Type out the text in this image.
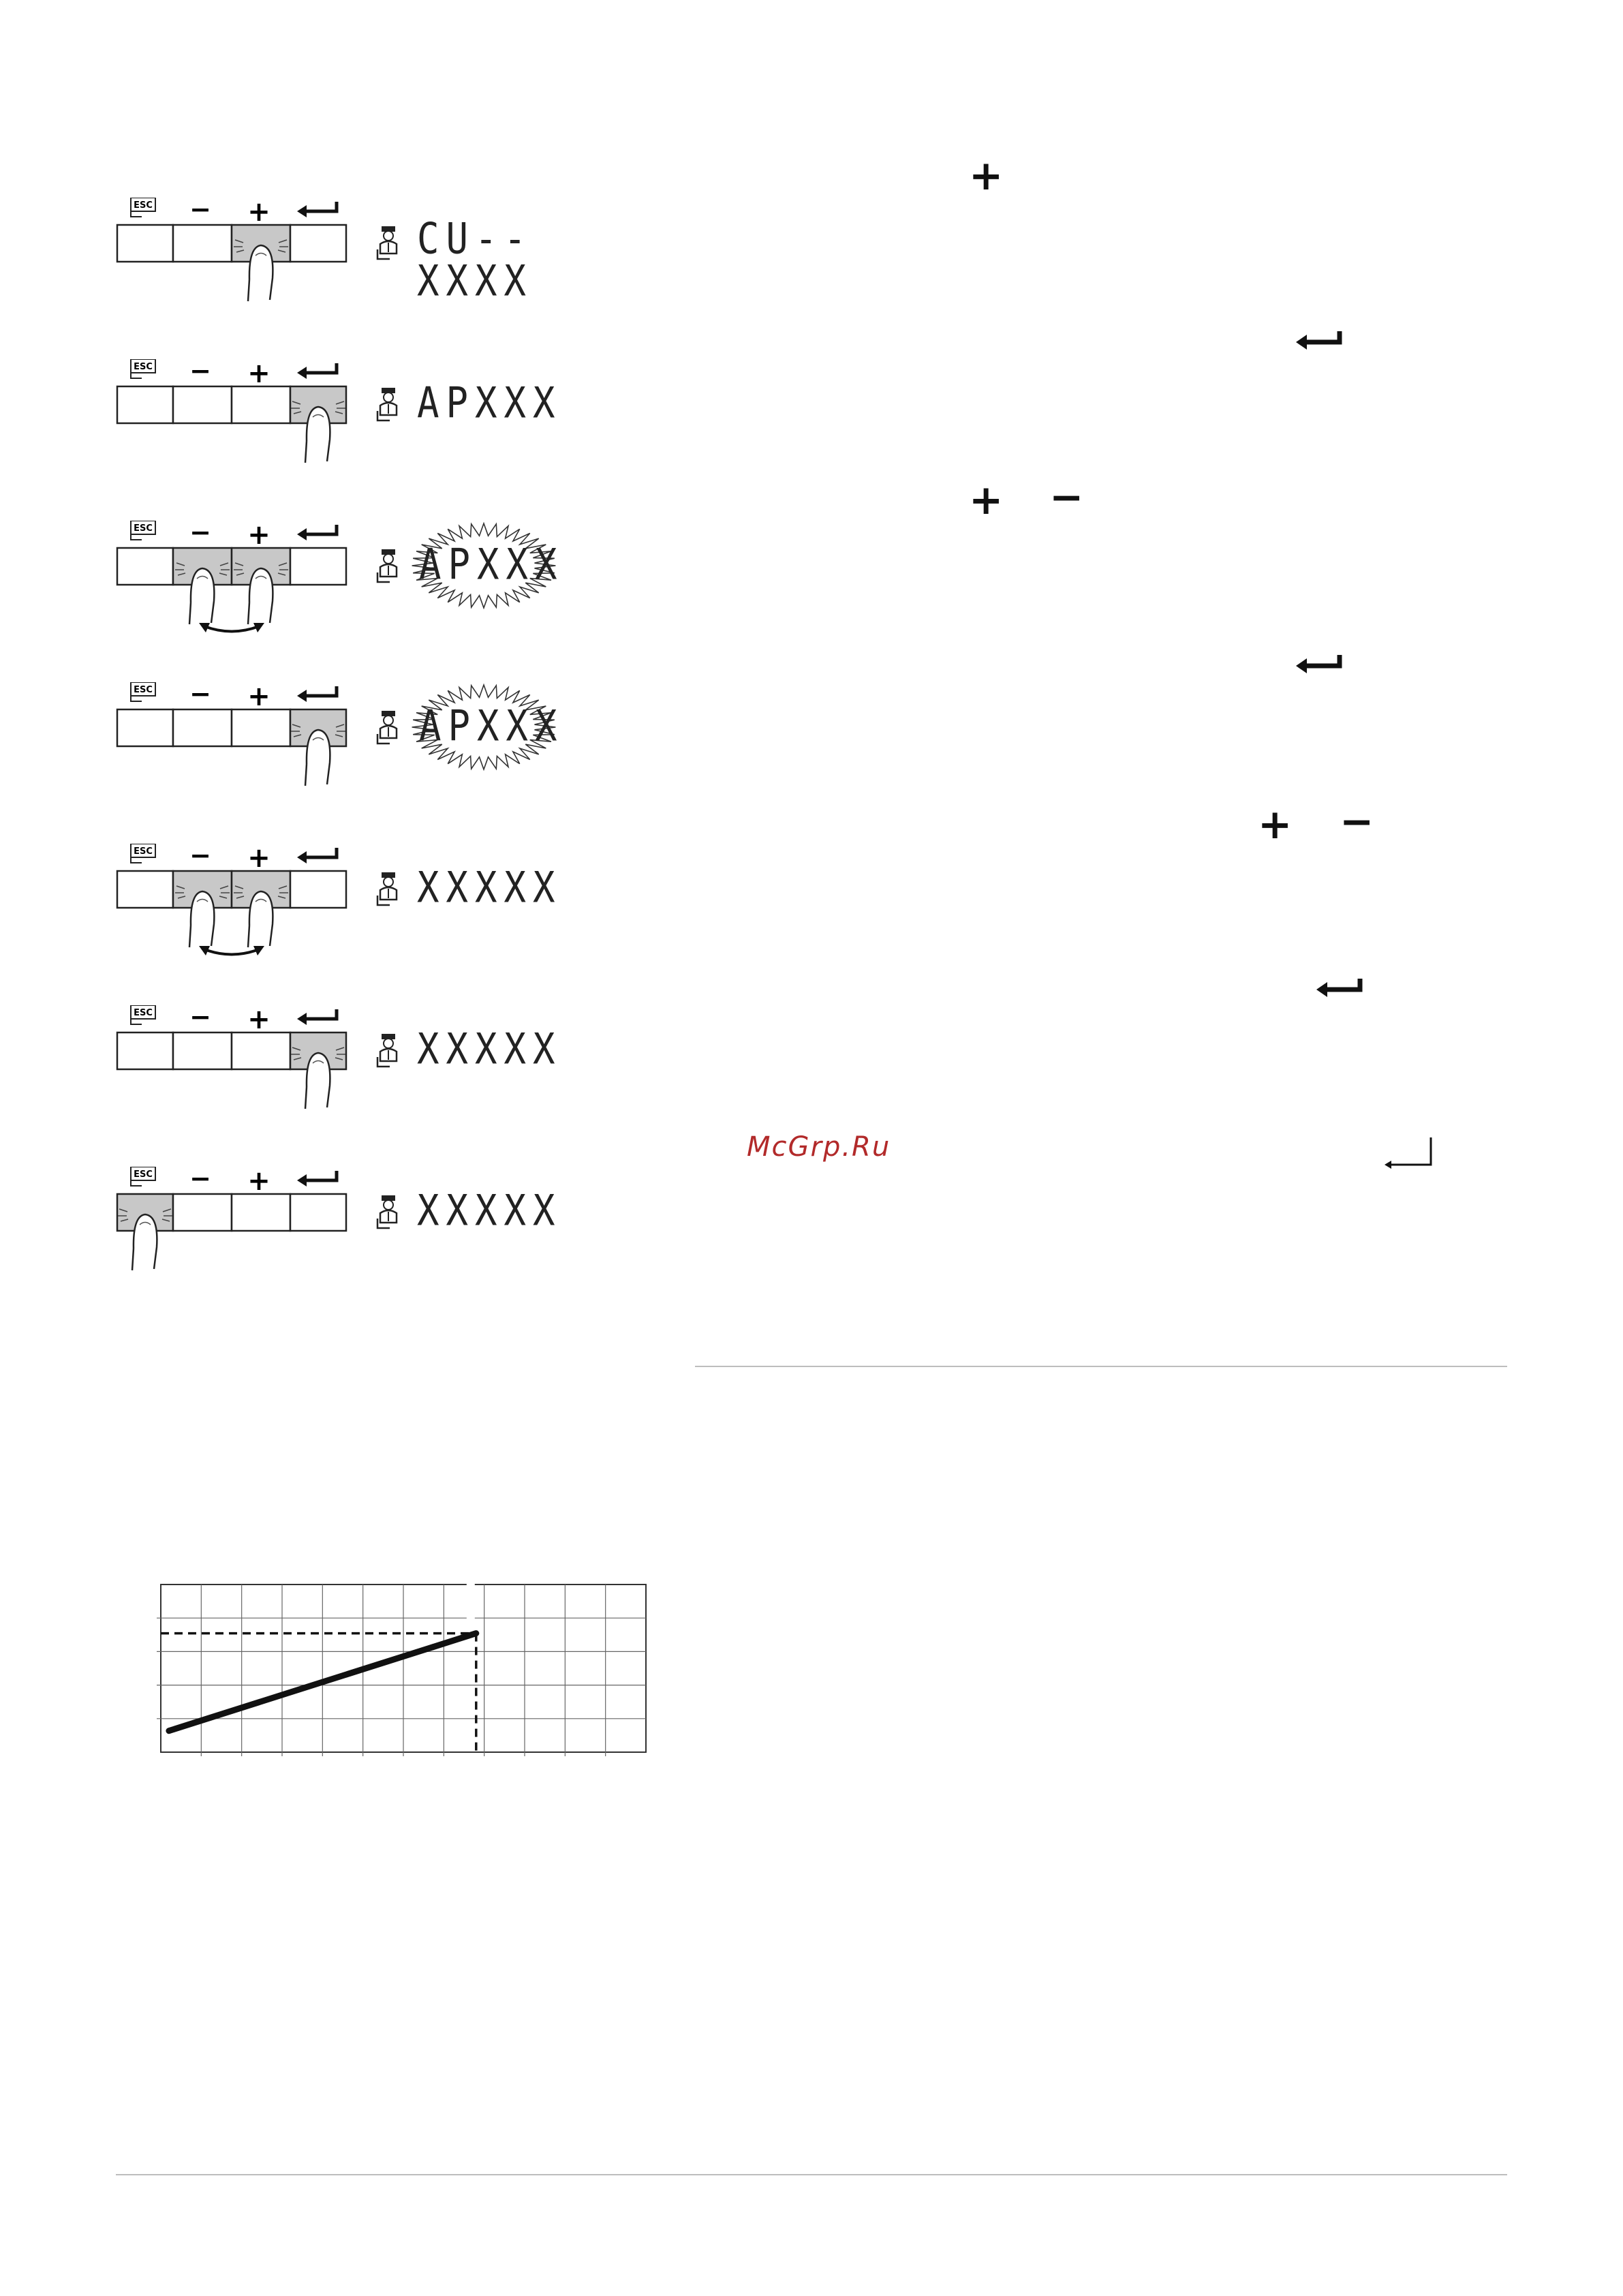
ESC − +
CU--XXXX
ESC − +
APXXX
ESC − +
APXXX
ESC − +
APXXX
ESC − +
XXXXX
ESC − +
XXXXX
ESC − +
XXXXX
+
+ −
+ −
McGrp.Ru
